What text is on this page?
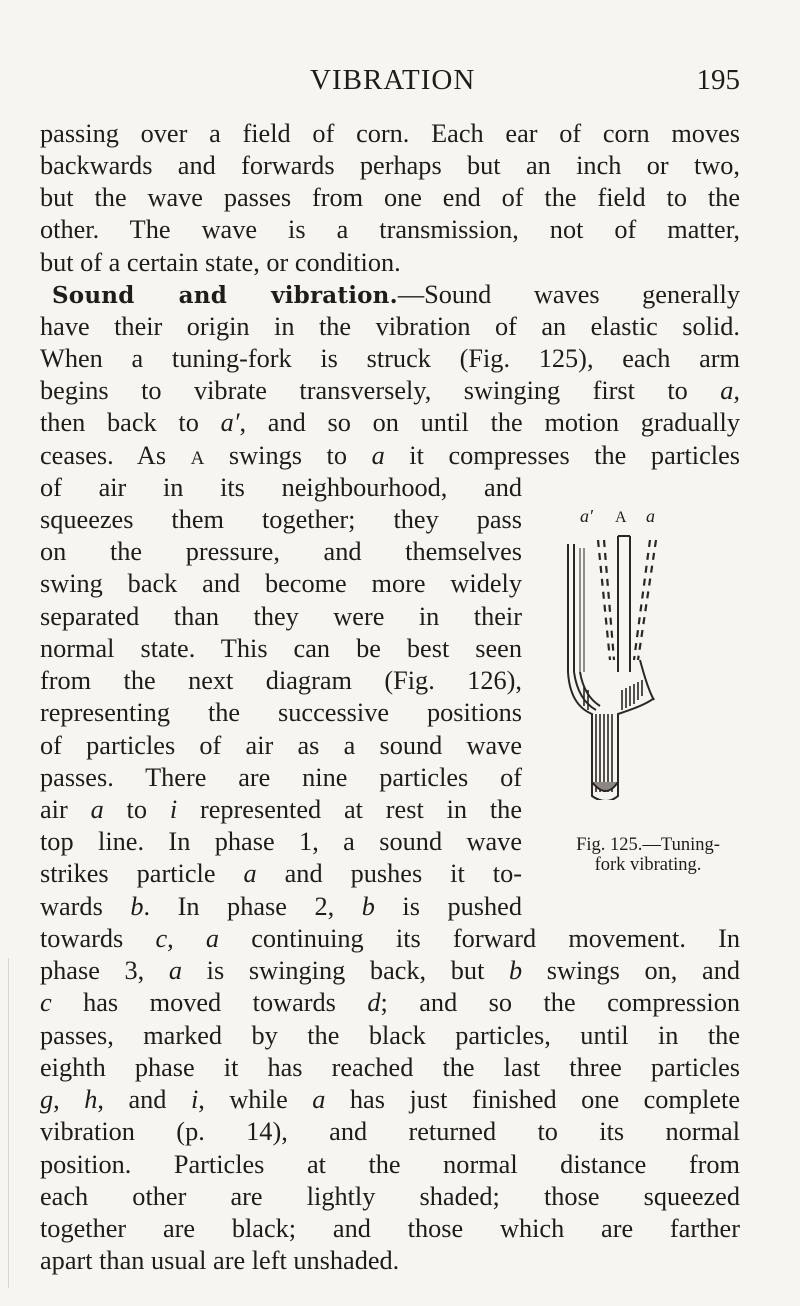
VIBRATION	195
passing over a field of corn. Each ear of corn moves
backwards and forwards perhaps but an inch or two,
but the wave passes from one end of the field to the
other. The wave is a transmission, not of matter,
but of a certain state, or condition.
Sound and vibration.—Sound waves generally
have their origin in the vibration of an elastic solid.
When a tuning-fork is struck (Fig. 125), each arm
begins to vibrate transversely, swinging first to a,
then back to a′, and so on until the motion gradually
ceases. As A swings to a it compresses the particles
of air in its neighbourhood, and
squeezes them together; they pass
on the pressure, and themselves
swing back and become more widely
separated than they were in their
normal state. This can be best seen
from the next diagram (Fig. 126),
representing the successive positions
of particles of air as a sound wave
passes. There are nine particles of
air a to i represented at rest in the
top line. In phase 1, a sound wave
strikes particle a and pushes it to-
wards b. In phase 2, b is pushed
towards c, a continuing its forward movement. In
phase 3, a is swinging back, but b swings on, and
c has moved towards d; and so the compression
passes, marked by the black particles, until in the
eighth phase it has reached the last three particles
g, h, and i, while a has just finished one complete
vibration (p. 14), and returned to its normal
position. Particles at the normal distance from
each other are lightly shaded; those squeezed
together are black; and those which are farther
apart than usual are left unshaded.
a′ A a
Fig. 125.—Tuning-
fork vibrating.
